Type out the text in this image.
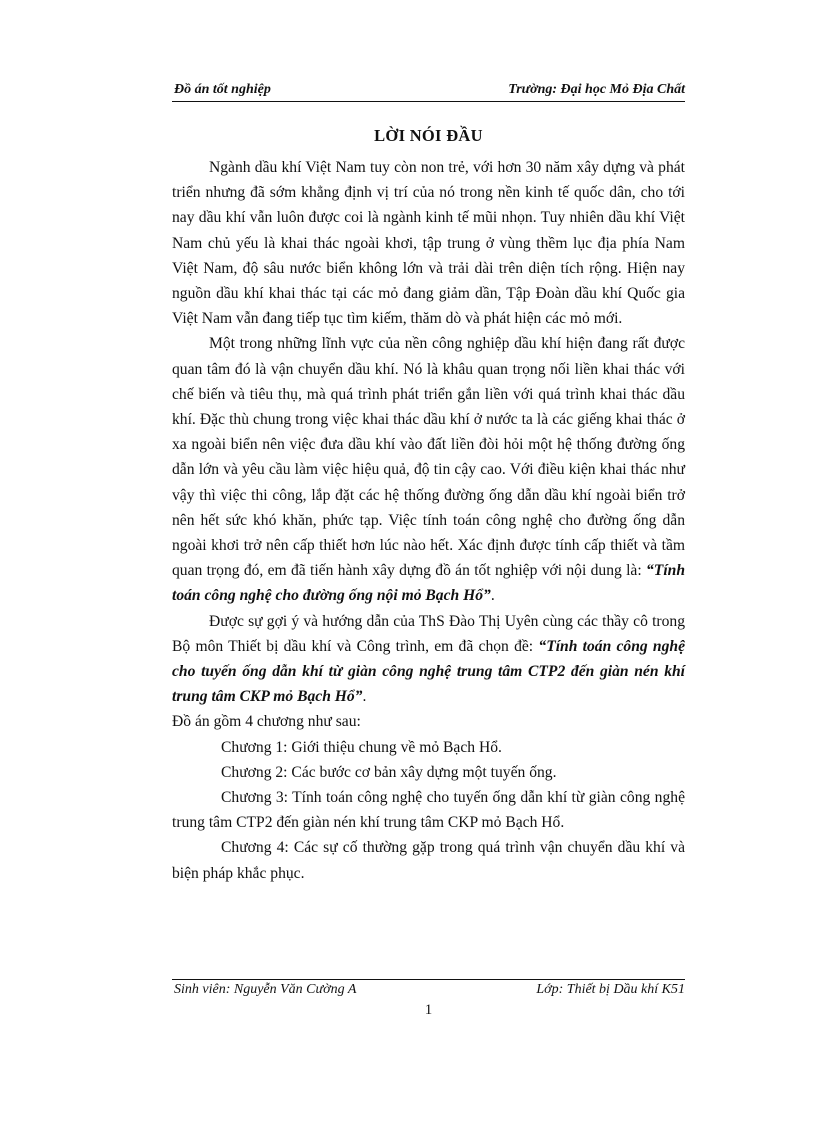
Đồ án tốt nghiệp	Trường: Đại học Mỏ Địa Chất
LỜI NÓI ĐẦU

Ngành dầu khí Việt Nam tuy còn non trẻ, với hơn 30 năm xây dựng và phát triển nhưng đã sớm khẳng định vị trí của nó trong nền kinh tế quốc dân, cho tới nay dầu khí vẫn luôn được coi là ngành kinh tế mũi nhọn. Tuy nhiên dầu khí Việt Nam chủ yếu là khai thác ngoài khơi, tập trung ở vùng thềm lục địa phía Nam Việt Nam, độ sâu nước biển không lớn và trải dài trên diện tích rộng. Hiện nay nguồn dầu khí khai thác tại các mỏ đang giảm dần, Tập Đoàn dầu khí Quốc gia Việt Nam vẫn đang tiếp tục tìm kiếm, thăm dò và phát hiện các mỏ mới.

Một trong những lĩnh vực của nền công nghiệp dầu khí hiện đang rất được quan tâm đó là vận chuyển dầu khí. Nó là khâu quan trọng nối liền khai thác với chế biến và tiêu thụ, mà quá trình phát triển gắn liền với quá trình khai thác dầu khí. Đặc thù chung trong việc khai thác dầu khí ở nước ta là các giếng khai thác ở xa ngoài biển nên việc đưa dầu khí vào đất liền đòi hỏi một hệ thống đường ống dẫn lớn và yêu cầu làm việc hiệu quả, độ tin cậy cao. Với điều kiện khai thác như vậy thì việc thi công, lắp đặt các hệ thống đường ống dẫn dầu khí ngoài biển trở nên hết sức khó khăn, phức tạp. Việc tính toán công nghệ cho đường ống dẫn ngoài khơi trở nên cấp thiết hơn lúc nào hết. Xác định được tính cấp thiết và tầm quan trọng đó, em đã tiến hành xây dựng đồ án tốt nghiệp với nội dung là: “Tính toán công nghệ cho đường ống nội mỏ Bạch Hổ”.

Được sự gợi ý và hướng dẫn của ThS Đào Thị Uyên cùng các thầy cô trong Bộ môn Thiết bị dầu khí và Công trình, em đã chọn đề: “Tính toán công nghệ cho tuyến ống dẫn khí từ giàn công nghệ trung tâm CTP2 đến giàn nén khí trung tâm CKP mỏ Bạch Hổ”.

Đồ án gồm 4 chương như sau:

Chương 1: Giới thiệu chung về mỏ Bạch Hổ.

Chương 2: Các bước cơ bản xây dựng một tuyến ống.

Chương 3: Tính toán công nghệ cho tuyến ống dẫn khí từ giàn công nghệ trung tâm CTP2 đến giàn nén khí trung tâm CKP mỏ Bạch Hổ.

Chương 4: Các sự cố thường gặp trong quá trình vận chuyển dầu khí và biện pháp khắc phục.

Sinh viên: Nguyễn Văn Cường A	Lớp: Thiết bị Dầu khí K51
1
